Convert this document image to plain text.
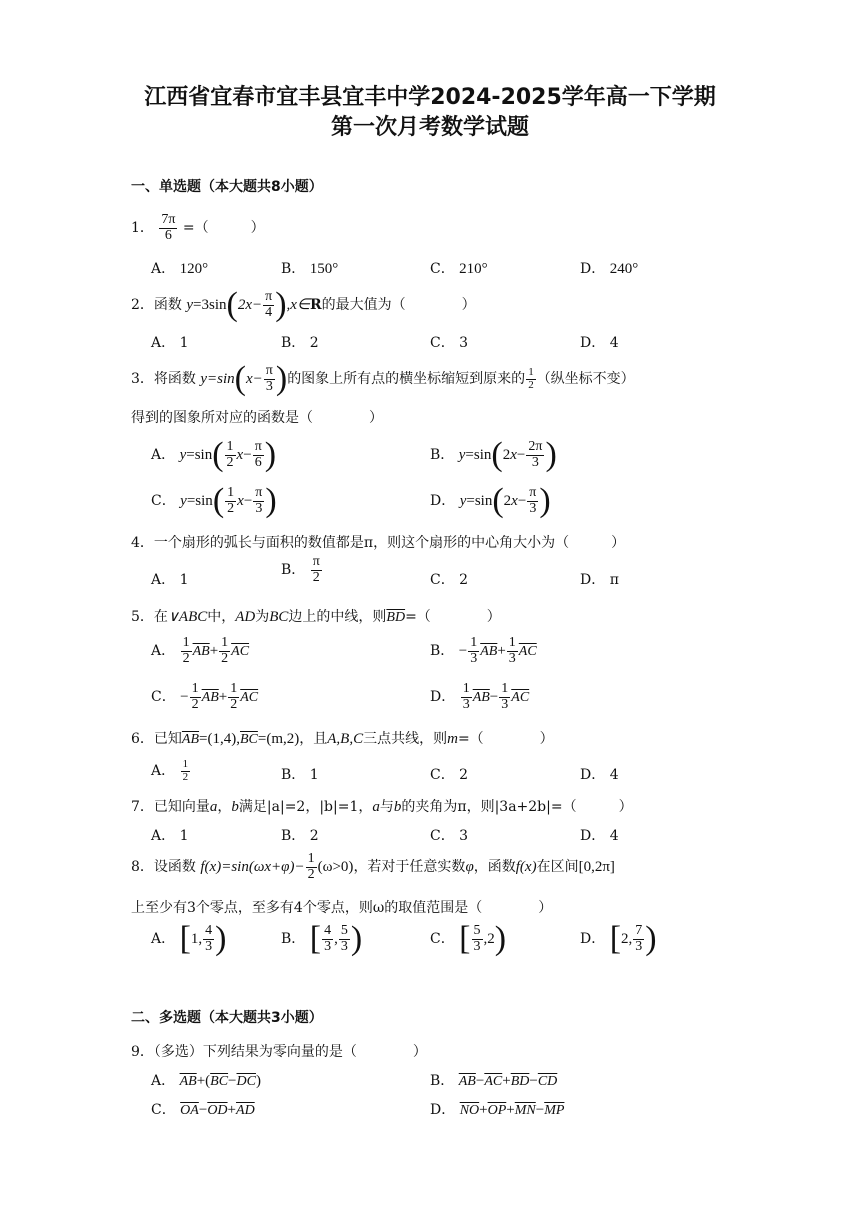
江西省宜春市宜丰县宜丰中学2024-2025学年高一下学期
第一次月考数学试题
一、单选题（本大题共8小题）
1． $\frac{7\pi}{6}$ =（　　　）
A． 120°	B． 150°	C． 210°	D． 240°
2．函数 $y=3\sin(2x- \frac{\pi}{4}$ ),x∈R的最大值为（　　　　）
A． 1	B． 2	C． 3	D． 4
3．将函数 $y=\sin(x- \frac{\pi}{3}$ )的图象上所有点的横坐标缩短到原来的 $\frac{1}{2}$ （纵坐标不变）
得到的图象所对应的函数是（　　　　）
A． $y=\sin( \frac{1}{2} x- \frac{\pi}{6}$ )	B． $y=\sin(2x- \frac{2\pi}{3}$ )
C． $y=\sin( \frac{1}{2} x- \frac{\pi}{3}$ )	D． $y=\sin(2x- \frac{\pi}{3}$ )
4．一个扇形的弧长与面积的数值都是π，则这个扇形的中心角大小为（　　　）
A． 1
B． $\frac{\pi}{2}$	C． 2	D． π
5．在∨ABC中，AD为BC边上的中线，则$\overline{BD}=$（　　　　）
A． $\frac{1}{2} \overline{AB}+ \frac{1}{2} \overline{AC}$	B． − $\frac{1}{3} \overline{AB}+ \frac{1}{3} \overline{AC}$
C． − $\frac{1}{2} \overline{AB}+ \frac{1}{2} \overline{AC}$	D． $\frac{1}{3} \overline{AB}- \frac{1}{3} \overline{AC}$
6．已知$\overline{AB}=(1,4),\overline{BC}=(m,2)$，且A,B,C三点共线，则m=（　　　　）
A． $\frac{1}{2}$	B． 1	C． 2	D． 4
7．已知向量a，b满足|a|=2，|b|=1，a与b的夹角为π，则|3a+2b|=（　　　）
A． 1	B． 2	C． 3	D． 4
8．设函数 $f(x)=\sin(\omega x+\varphi)- \frac{1}{2} (\omega>0)$，若对于任意实数φ，函数f(x)在区间[0,2π]
上至少有3个零点，至多有4个零点，则ω的取值范围是（　　　　）
A． [1, $\frac{4}{3}$ )	B． [ $\frac{4}{3}$ , $\frac{5}{3}$ )	C． [ $\frac{5}{3} ,2$)	D． [2, $\frac{7}{3}$ )
二、多选题（本大题共3小题）
9．（多选）下列结果为零向量的是（　　　　）
A． $\overline{AB}+(\overline{BC}-\overline{DC})$	B． $\overline{AB}-\overline{AC}+\overline{BD}-\overline{CD}$
C． $\overline{OA}-\overline{OD}+\overline{AD}$	D． $\overline{NO}+\overline{OP}+\overline{MN}-\overline{MP}$
